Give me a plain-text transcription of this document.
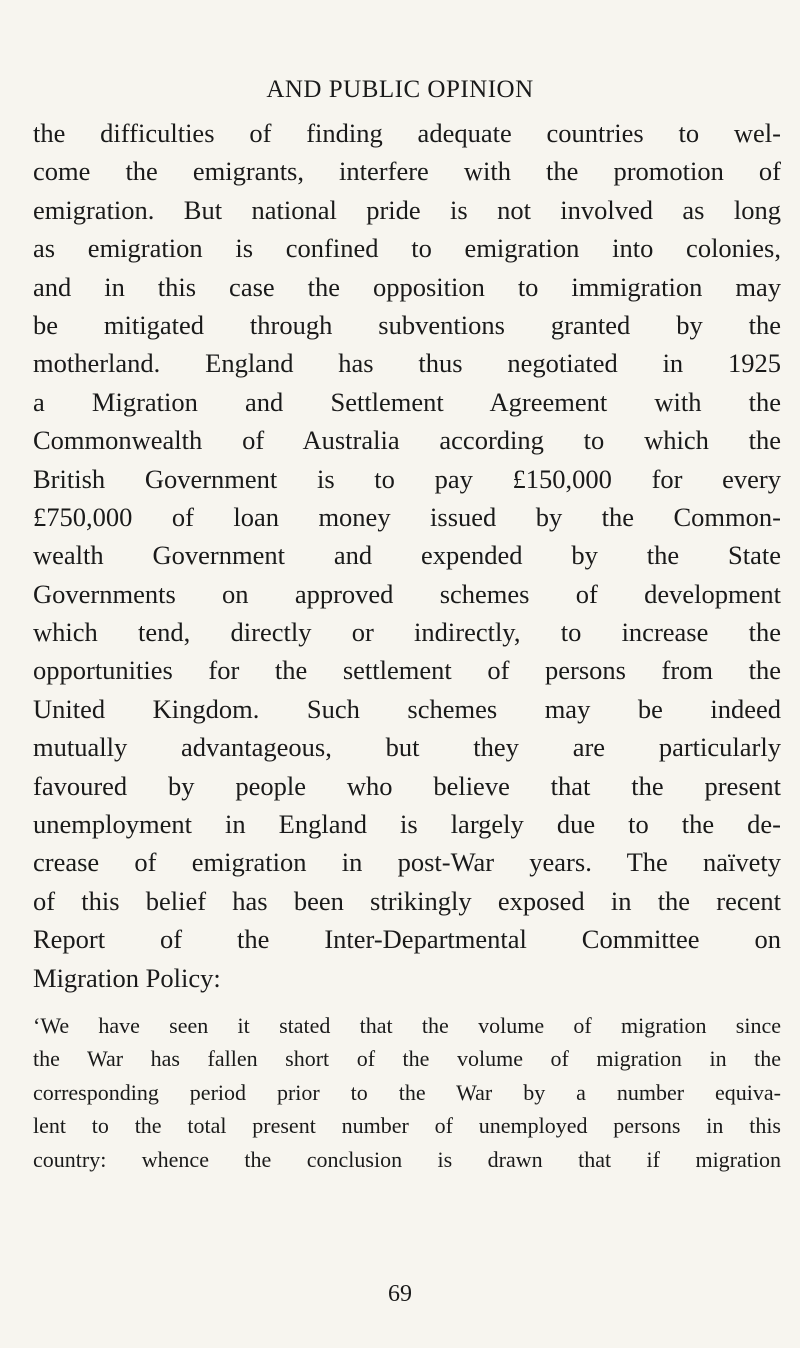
AND PUBLIC OPINION
the difficulties of finding adequate countries to wel-
come the emigrants, interfere with the promotion of
emigration. But national pride is not involved as long
as emigration is confined to emigration into colonies,
and in this case the opposition to immigration may
be mitigated through subventions granted by the
motherland. England has thus negotiated in 1925
a Migration and Settlement Agreement with the
Commonwealth of Australia according to which the
British Government is to pay £150,000 for every
£750,000 of loan money issued by the Common-
wealth Government and expended by the State
Governments on approved schemes of development
which tend, directly or indirectly, to increase the
opportunities for the settlement of persons from the
United Kingdom. Such schemes may be indeed
mutually advantageous, but they are particularly
favoured by people who believe that the present
unemployment in England is largely due to the de-
crease of emigration in post-War years. The naïvety
of this belief has been strikingly exposed in the recent
Report of the Inter-Departmental Committee on
Migration Policy:
‘We have seen it stated that the volume of migration since
the War has fallen short of the volume of migration in the
corresponding period prior to the War by a number equiva-
lent to the total present number of unemployed persons in this
country: whence the conclusion is drawn that if migration
69
